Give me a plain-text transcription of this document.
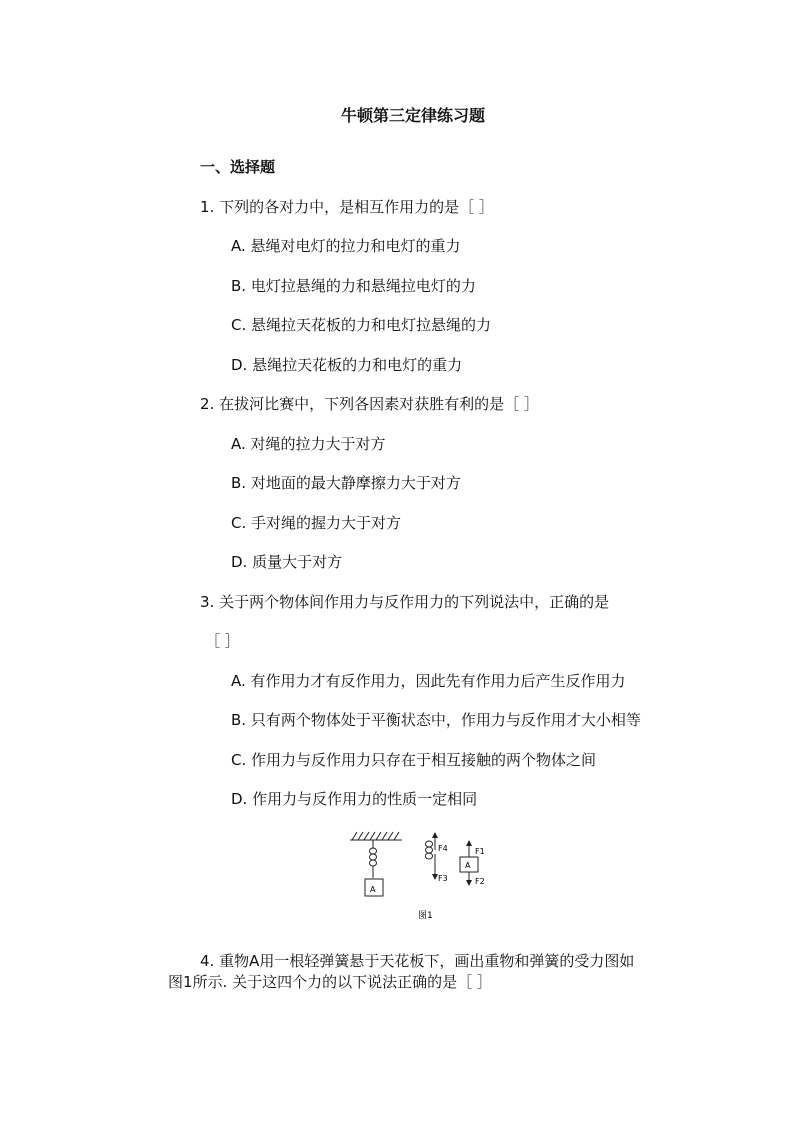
牛顿第三定律练习题
一、选择题
1. 下列的各对力中，是相互作用力的是［ ］
A. 悬绳对电灯的拉力和电灯的重力
B. 电灯拉悬绳的力和悬绳拉电灯的力
C. 悬绳拉天花板的力和电灯拉悬绳的力
D. 悬绳拉天花板的力和电灯的重力
2. 在拔河比赛中，下列各因素对获胜有利的是［ ］
A. 对绳的拉力大于对方
B. 对地面的最大静摩擦力大于对方
C. 手对绳的握力大于对方
D. 质量大于对方
3. 关于两个物体间作用力与反作用力的下列说法中，正确的是
［ ］
A. 有作用力才有反作用力，因此先有作用力后产生反作用力
B. 只有两个物体处于平衡状态中，作用力与反作用才大小相等
C. 作用力与反作用力只存在于相互接触的两个物体之间
D. 作用力与反作用力的性质一定相同
A
F4
F3
A
F1
F2
图1
4. 重物A用一根轻弹簧悬于天花板下，画出重物和弹簧的受力图如
图1所示. 关于这四个力的以下说法正确的是［ ］
